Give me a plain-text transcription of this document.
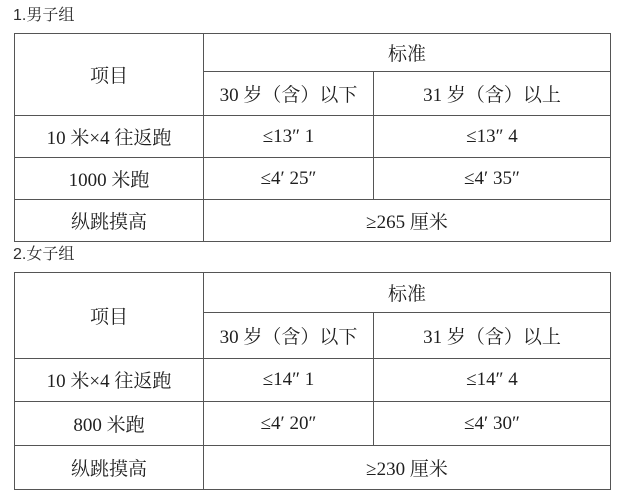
1.男子组
项目	标准	
	30 岁（含）以下	31 岁（含）以上
10 米×4 往返跑	≤13″ 1	≤13″ 4
1000 米跑	≤4′ 25″	≤4′ 35″
纵跳摸高	≥265 厘米	
2.女子组
项目	标准	
	30 岁（含）以下	31 岁（含）以上
10 米×4 往返跑	≤14″ 1	≤14″ 4
800 米跑	≤4′ 20″	≤4′ 30″
纵跳摸高	≥230 厘米	
